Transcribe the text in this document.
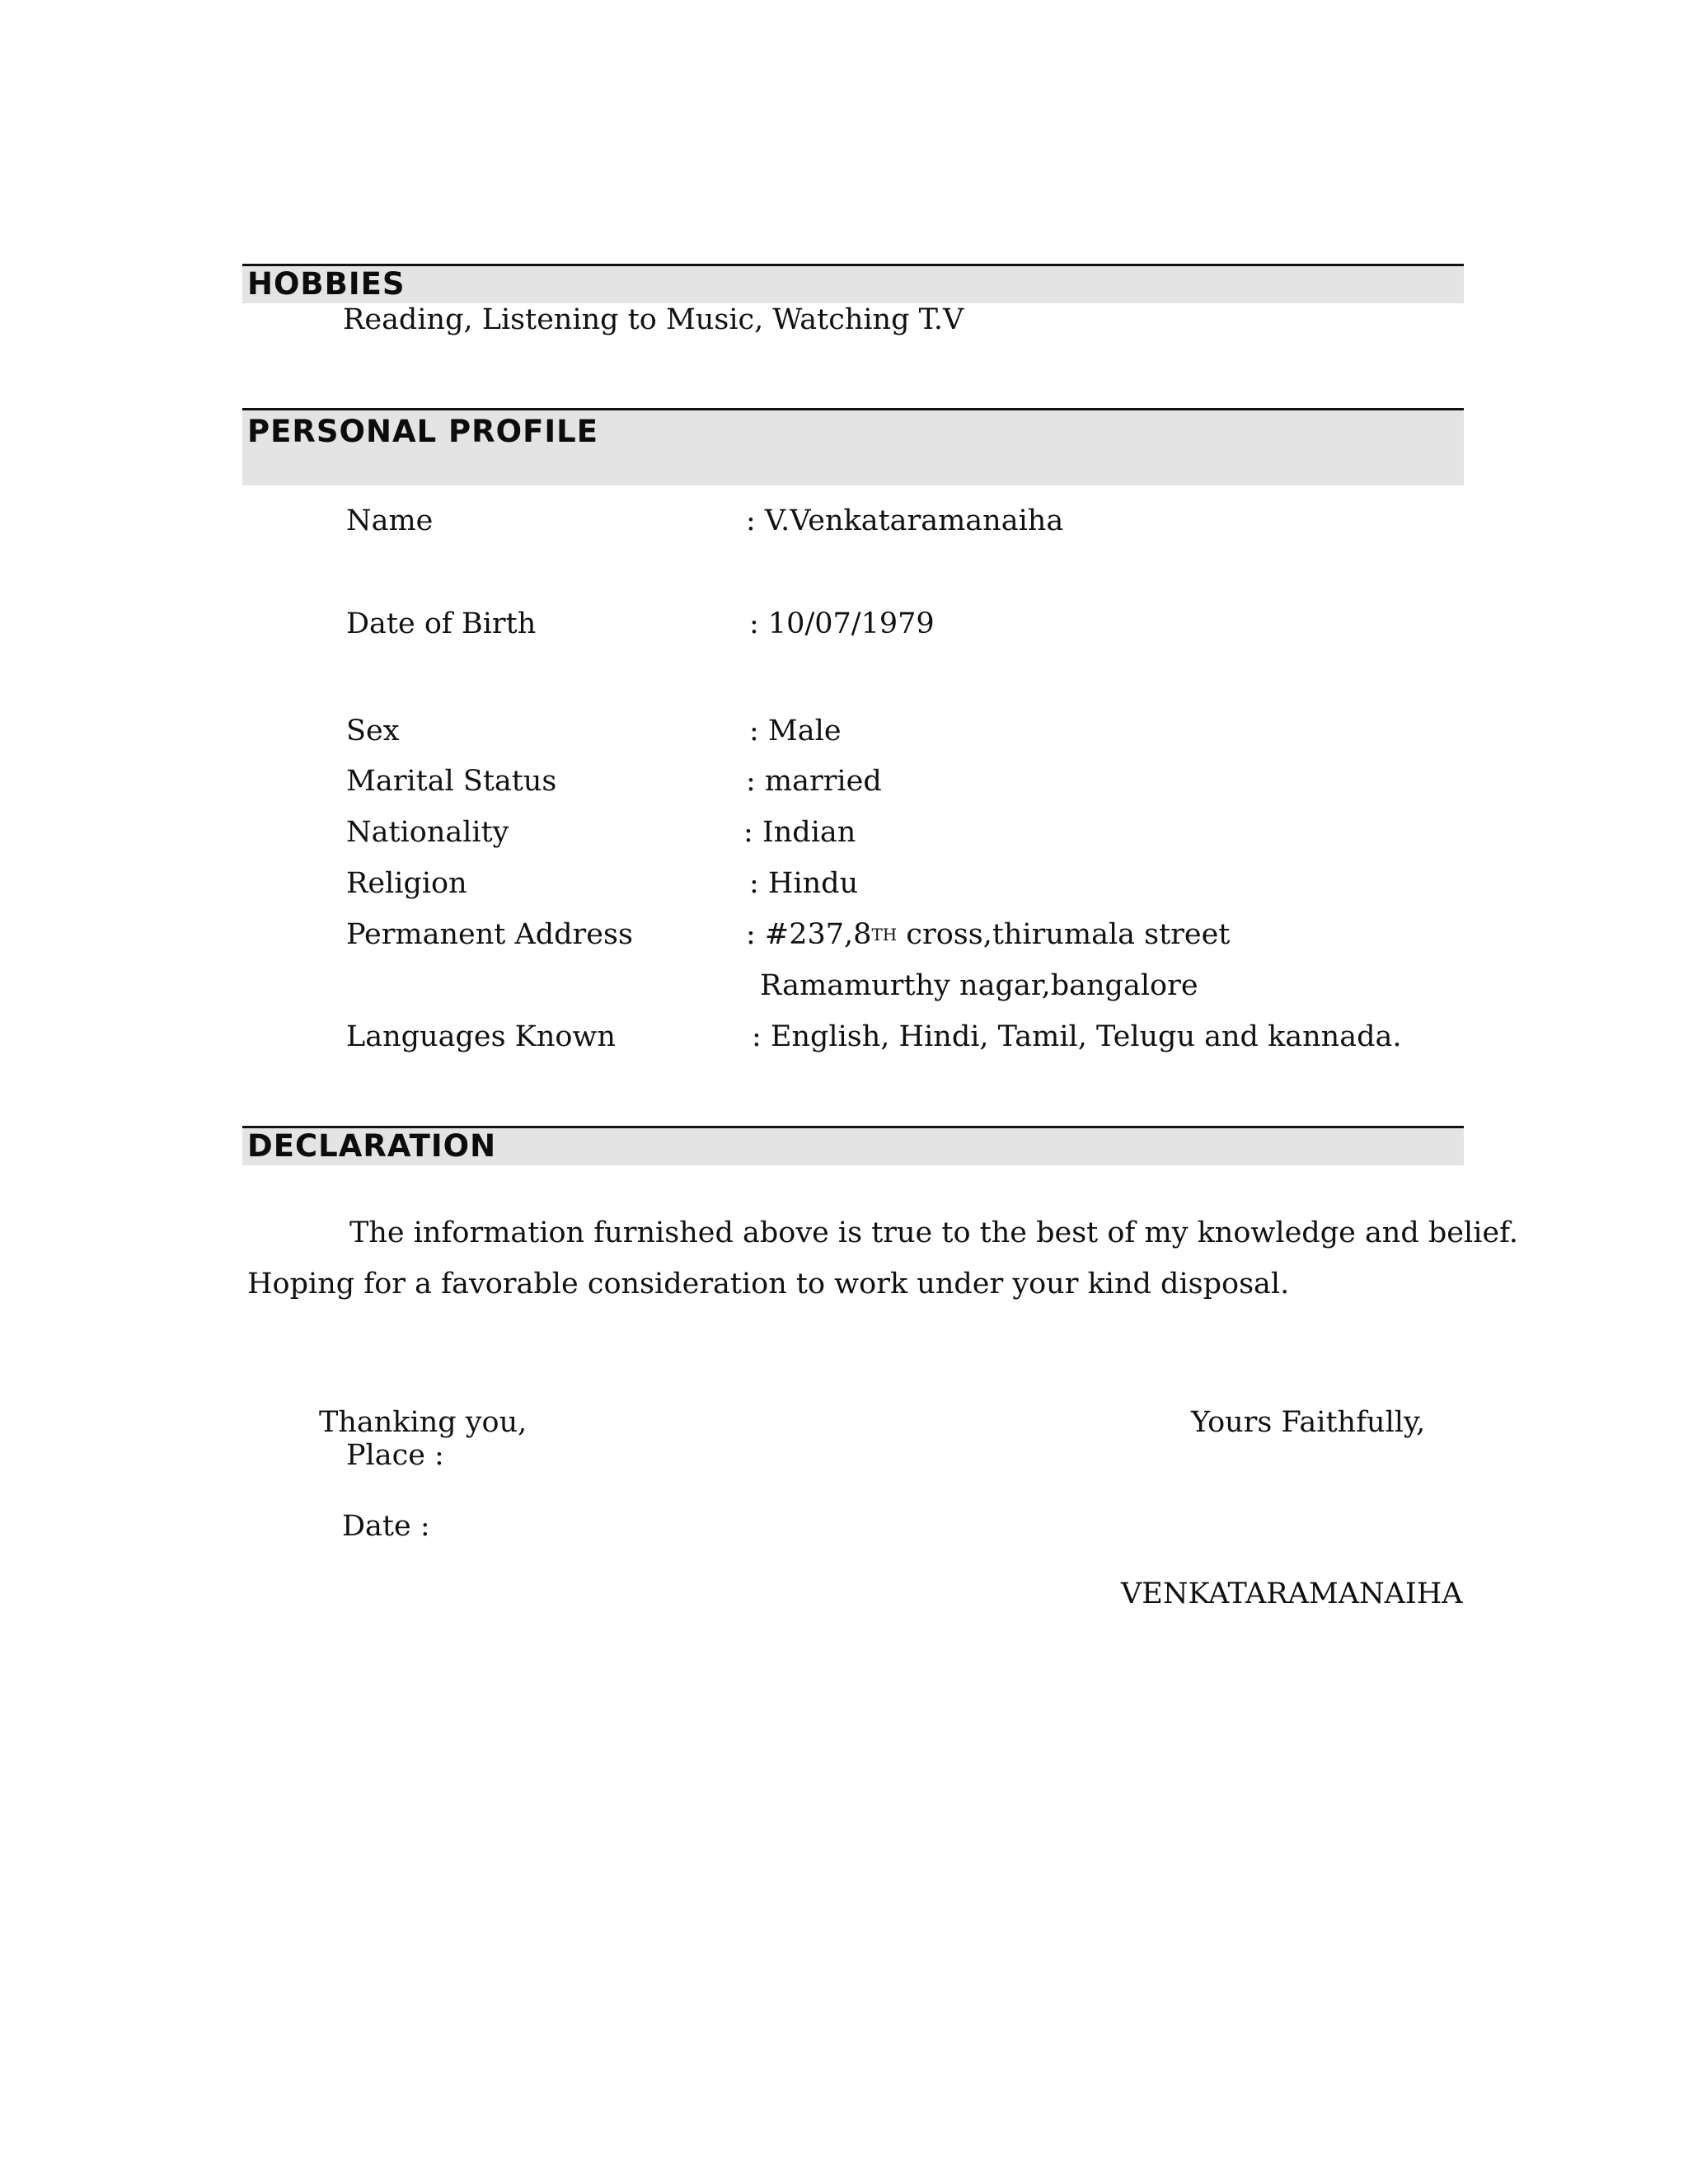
HOBBIES
Reading, Listening to Music, Watching T.V
PERSONAL PROFILE
Name	: V.Venkataramanaiha
Date of Birth	: 10/07/1979
Sex	: Male
Marital Status	: married
Nationality	: Indian
Religion	: Hindu
Permanent Address	: #237,8TH cross,thirumala street
Ramamurthy nagar,bangalore
Languages Known	: English, Hindi, Tamil, Telugu and kannada.
DECLARATION
The information furnished above is true to the best of my knowledge and belief.
Hoping for a favorable consideration to work under your kind disposal.
Thanking you,	Yours Faithfully,
Place :
Date :
VENKATARAMANAIHA
